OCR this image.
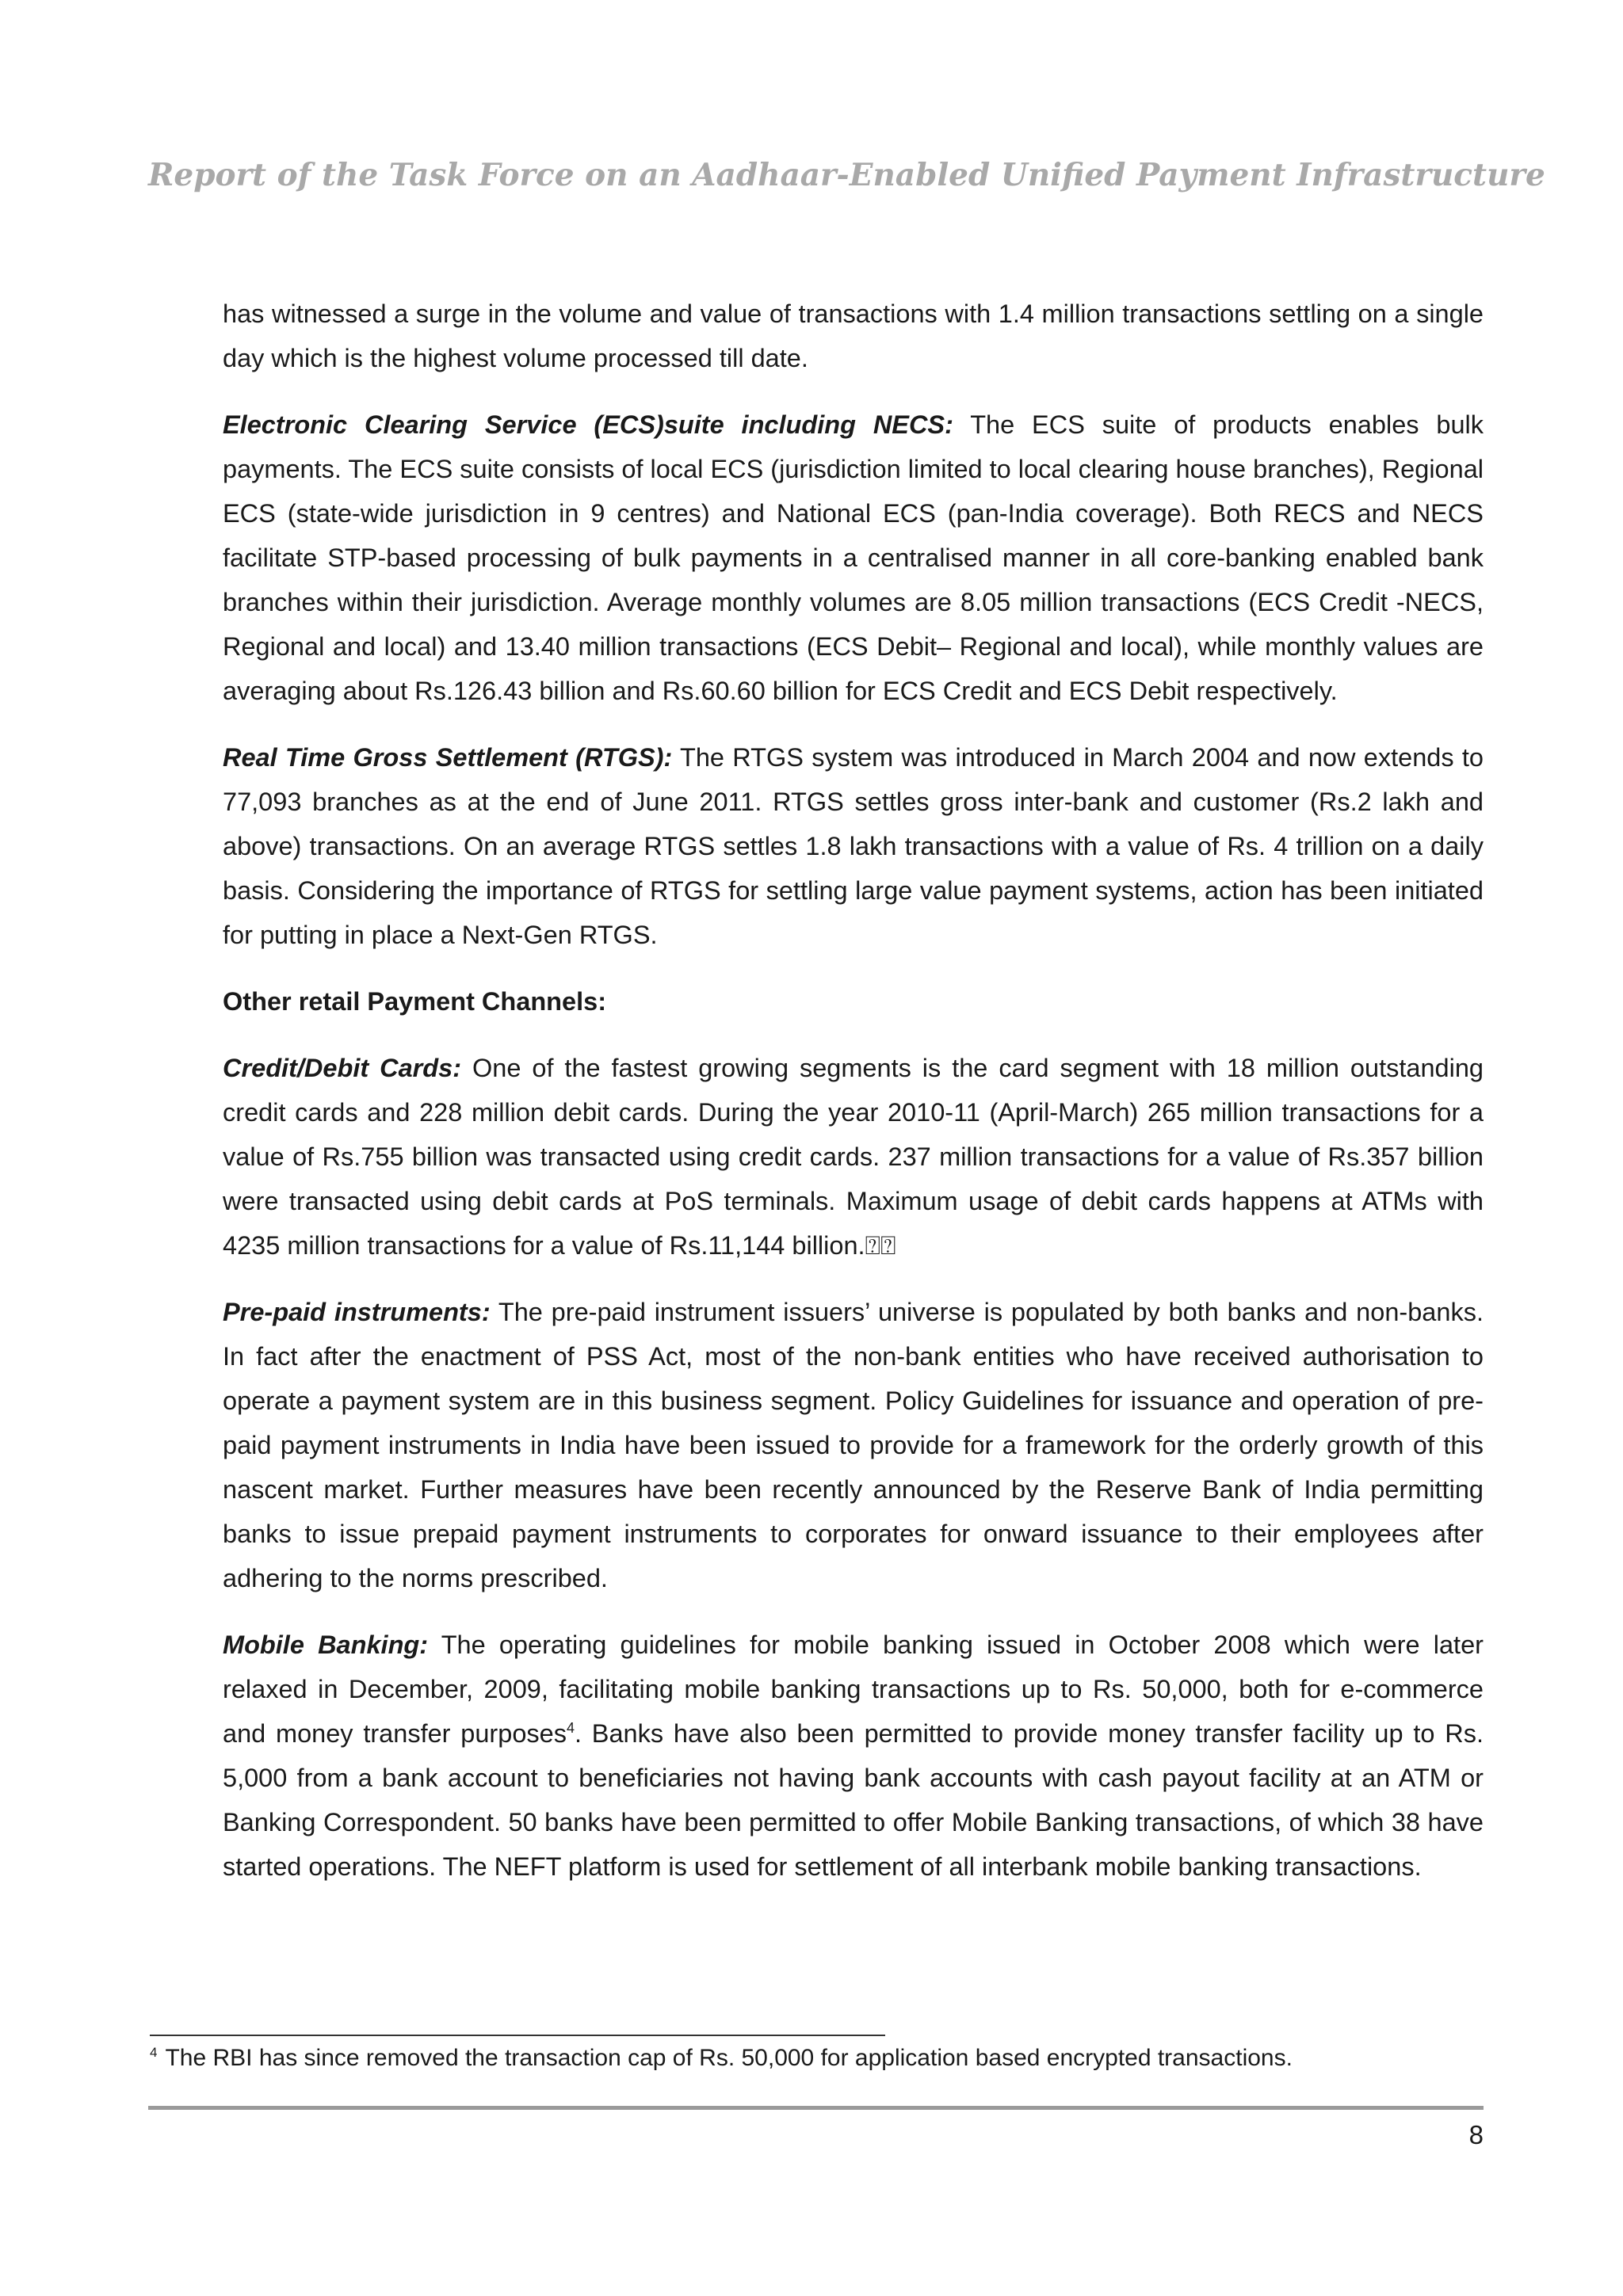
Report of the Task Force on an Aadhaar-Enabled Unified Payment Infrastructure

has witnessed a surge in the volume and value of transactions with 1.4 million transactions settling on a single day which is the highest volume processed till date.

Electronic Clearing Service (ECS)suite including NECS: The ECS suite of products enables bulk payments. The ECS suite consists of local ECS (jurisdiction limited to local clearing house branches), Regional ECS (state-wide jurisdiction in 9 centres) and National ECS (pan-India coverage). Both RECS and NECS facilitate STP-based processing of bulk payments in a centralised manner in all core-banking enabled bank branches within their jurisdiction. Average monthly volumes are 8.05 million transactions (ECS Credit -NECS, Regional and local) and 13.40 million transactions (ECS Debit– Regional and local), while monthly values are averaging about Rs.126.43 billion and Rs.60.60 billion for ECS Credit and ECS Debit respectively.

Real Time Gross Settlement (RTGS): The RTGS system was introduced in March 2004 and now extends to 77,093 branches as at the end of June 2011. RTGS settles gross inter-bank and customer (Rs.2 lakh and above) transactions. On an average RTGS settles 1.8 lakh transactions with a value of Rs. 4 trillion on a daily basis. Considering the importance of RTGS for settling large value payment systems, action has been initiated for putting in place a Next-Gen RTGS.

Other retail Payment Channels:

Credit/Debit Cards: One of the fastest growing segments is the card segment with 18 million outstanding credit cards and 228 million debit cards. During the year 2010-11 (April-March) 265 million transactions for a value of Rs.755 billion was transacted using credit cards. 237 million transactions for a value of Rs.357 billion were transacted using debit cards at PoS terminals. Maximum usage of debit cards happens at ATMs with 4235 million transactions for a value of Rs.11,144 billion.⍰⍰

Pre-paid instruments: The pre-paid instrument issuers’ universe is populated by both banks and non-banks. In fact after the enactment of PSS Act, most of the non-bank entities who have received authorisation to operate a payment system are in this business segment. Policy Guidelines for issuance and operation of pre-paid payment instruments in India have been issued to provide for a framework for the orderly growth of this nascent market. Further measures have been recently announced by the Reserve Bank of India permitting banks to issue prepaid payment instruments to corporates for onward issuance to their employees after adhering to the norms prescribed.

Mobile Banking: The operating guidelines for mobile banking issued in October 2008 which were later relaxed in December, 2009, facilitating mobile banking transactions up to Rs. 50,000, both for e-commerce and money transfer purposes$^4$. Banks have also been permitted to provide money transfer facility up to Rs. 5,000 from a bank account to beneficiaries not having bank accounts with cash payout facility at an ATM or Banking Correspondent. 50 banks have been permitted to offer Mobile Banking transactions, of which 38 have started operations. The NEFT platform is used for settlement of all interbank mobile banking transactions.

$^4$ The RBI has since removed the transaction cap of Rs. 50,000 for application based encrypted transactions.
8
